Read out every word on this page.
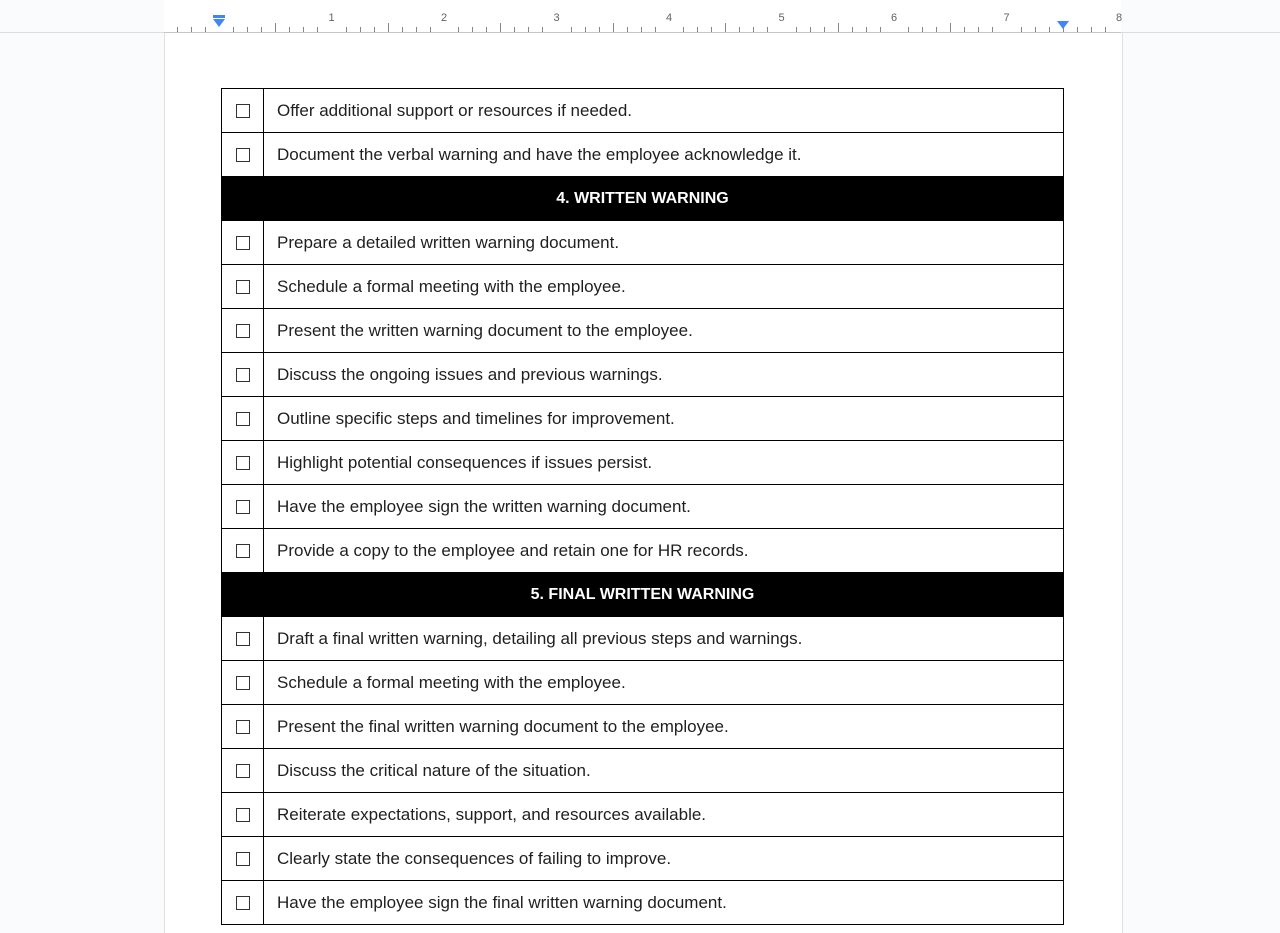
1	2	3	4	5	6	7	8
	Offer additional support or resources if needed.
	Document the verbal warning and have the employee acknowledge it.
4. WRITTEN WARNING	
	Prepare a detailed written warning document.
	Schedule a formal meeting with the employee.
	Present the written warning document to the employee.
	Discuss the ongoing issues and previous warnings.
	Outline specific steps and timelines for improvement.
	Highlight potential consequences if issues persist.
	Have the employee sign the written warning document.
	Provide a copy to the employee and retain one for HR records.
5. FINAL WRITTEN WARNING	
	Draft a final written warning, detailing all previous steps and warnings.
	Schedule a formal meeting with the employee.
	Present the final written warning document to the employee.
	Discuss the critical nature of the situation.
	Reiterate expectations, support, and resources available.
	Clearly state the consequences of failing to improve.
	Have the employee sign the final written warning document.
